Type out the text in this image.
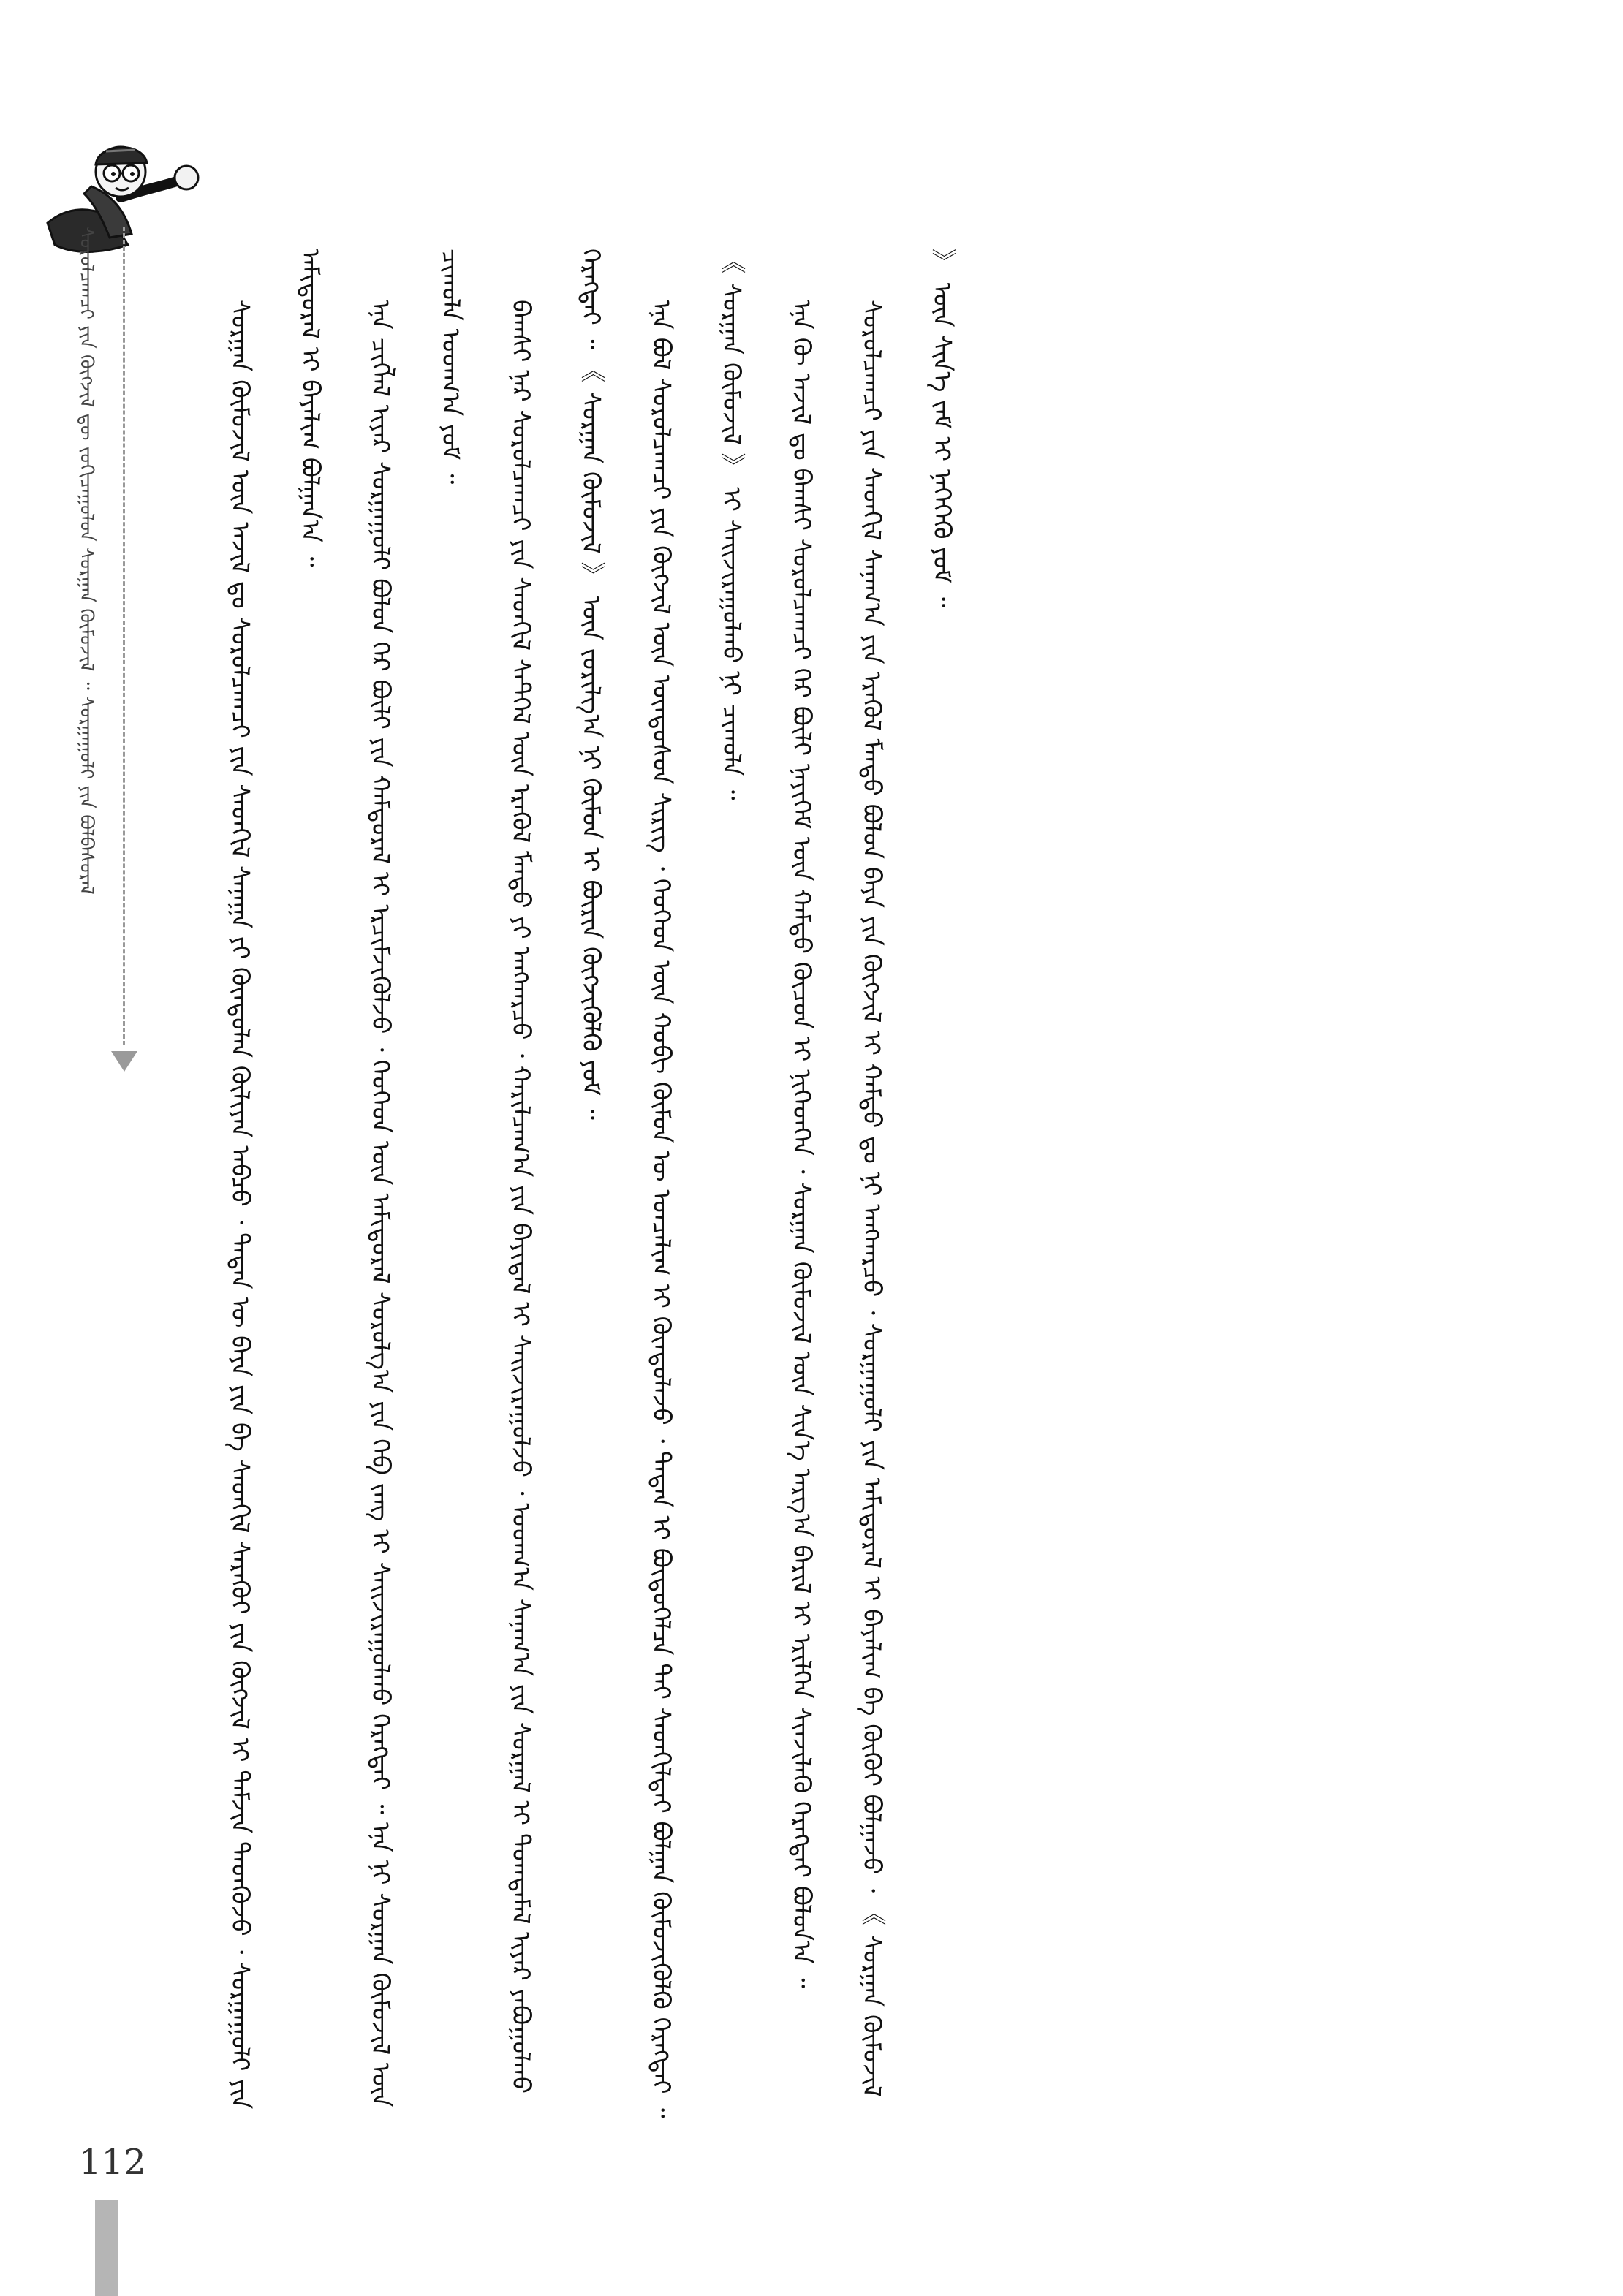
ᠰᠤᠷᠤᠯᠴᠠᠭᠴᠢ ᠶᠢᠨ ᠬᠥᠭᠵᠢᠯ ᠳᠦ ᠵᠣᠬᠢᠴᠠᠭᠤᠯᠤᠨ ᠰᠤᠷᠭᠠᠨ ᠬᠥᠮᠦᠵᠢᠯ ᠃ ᠰᠤᠷᠭᠠᠭᠤᠯᠢ ᠶᠢᠨ ᠪᠣᠯᠪᠠᠰᠤᠷᠠᠯ	ᠰᠤᠷᠭᠠᠨ ᠬᠥᠮᠦᠵᠢᠯ ᠦᠨ ᠠᠵᠢᠯ ᠳᠤ ᠰᠤᠷᠤᠯᠴᠠᠭᠴᠢ ᠶᠢᠨ ᠰᠡᠳᠬᠢᠯ ᠰᠠᠨᠠᠭᠠ ᠶᠢ ᠬᠦᠨᠳᠦᠯᠡᠨ ᠬᠦᠯᠢᠶᠡᠨ ᠠᠪᠴᠤ ᠂ ᠲᠡᠳᠡᠨ ᠦ ᠪᠡᠶᠡ ᠶᠢᠨ ᠪᠠ ᠰᠡᠳᠬᠢᠯ ᠰᠡᠷᠡᠬᠦᠢ ᠶᠢᠨ ᠬᠥᠭᠵᠢᠯ ᠢ ᠳᠡᠮᠵᠢᠨ ᠲᠡᠳᠭᠦᠵᠦ ᠂ ᠰᠤᠷᠭᠠᠭᠤᠯᠢ ᠶᠢᠨ ᠠᠮᠢᠳᠤᠷᠠᠯ ᠢ ᠪᠠᠶᠠᠯᠢᠭ ᠪᠣᠯᠭᠠᠨ᠎ᠠ ᠃	ᠡᠨᠡ ᠴᠢᠭᠯᠡᠯ ᠢᠶᠡᠷ ᠰᠤᠷᠭᠠᠭᠤᠯᠢ ᠪᠣᠯᠤᠨ ᠭᠡᠷ ᠪᠦᠯᠢ ᠶᠢᠨ ᠬᠠᠮᠲᠤᠷᠠᠯ ᠢ ᠡᠷᠴᠢᠮᠵᠢᠭᠦᠯᠵᠦ ᠂ ᠬᠡᠦᠬᠡᠳ ᠦᠨ ᠠᠮᠢᠳᠤᠷᠠᠯ ᠰᠤᠷᠤᠯᠭ᠎ᠠ ᠶᠢᠨ ᠬᠡᠪ ᠵᠠᠩ ᠢ ᠰᠠᠢᠵᠢᠷᠠᠭᠤᠯᠬᠤ ᠬᠡᠷᠡᠭᠲᠡᠢ ᠃ ᠡᠨᠡ ᠨᠢ ᠰᠤᠷᠭᠠᠨ ᠬᠥᠮᠦᠵᠢᠯ ᠦᠨ ᠴᠢᠬᠤᠯᠠ ᠤᠳᠬ᠎ᠠ ᠶᠤᠮ ᠃	ᠪᠠᠭᠰᠢ ᠨᠠᠷ ᠰᠤᠷᠤᠯᠴᠠᠭᠴᠢ ᠶᠢᠨ ᠰᠡᠳᠬᠢᠯ ᠰᠡᠲᠭᠡᠯ ᠦᠨ ᠡᠷᠡᠬᠦᠯ ᠮᠡᠨᠳᠦ ᠶᠢ ᠠᠩᠬᠠᠷᠴᠤ ᠂ ᠬᠠᠷᠢᠯᠴᠠᠭ᠎ᠠ ᠶᠢᠨ ᠪᠠᠶᠢᠳᠠᠯ ᠢ ᠰᠠᠢᠵᠢᠷᠠᠭᠤᠯᠵᠤ ᠂ ᠤᠳᠬ᠎ᠠ ᠰᠠᠨᠠᠭ᠎ᠠ ᠶᠢᠨ ᠰᠤᠷᠭᠠᠯ ᠢ ᠲᠤᠭᠲᠠᠮᠠᠯ ᠢᠶᠡᠷ ᠶᠠᠪᠤᠭᠤᠯᠬᠤ ᠬᠡᠷᠡᠭᠲᠡᠢ ᠃ 《 ᠰᠤᠷᠭᠠᠨ ᠬᠥᠮᠦᠵᠢᠯ 》 ᠦᠨ ᠵᠣᠷᠢᠯᠭ᠎ᠠ ᠨᠢ ᠬᠦᠮᠦᠨ ᠢ ᠪᠦᠷᠢᠨ ᠬᠥᠭᠵᠢᠭᠦᠯᠬᠦ ᠶᠤᠮ ᠃	ᠡᠨᠡ ᠪᠣᠯ ᠰᠤᠷᠤᠯᠴᠠᠭᠴᠢ ᠶᠢᠨ ᠬᠥᠭᠵᠢᠯ ᠦᠨ ᠦᠨᠳᠦᠰᠦᠨ ᠰᠢᠷᠢᠭ ᠂ ᠬᠡᠦᠬᠡᠳ ᠦᠨ ᠬᠤᠪᠢ ᠬᠦᠮᠦᠨ ᠦ ᠣᠨᠴᠠᠯᠢᠭ ᠢ ᠬᠦᠨᠳᠦᠯᠡᠵᠦ ᠂ ᠲᠡᠳᠡᠨ ᠢ ᠪᠦᠲᠦᠭᠡᠯᠴᠡ ᠲᠠᠢ ᠰᠡᠳᠬᠢᠯᠲᠡᠢ ᠪᠣᠯᠭᠠᠨ ᠬᠥᠮᠦᠵᠢᠭᠦᠯᠬᠦ ᠬᠡᠷᠡᠭᠲᠡᠢ ᠃ 《 ᠰᠤᠷᠭᠠᠨ ᠬᠥᠮᠦᠵᠢᠯ 》 ᠢ ᠰᠠᠢᠵᠢᠷᠠᠭᠤᠯᠬᠤ ᠨᠢ ᠴᠢᠬᠤᠯᠠ ᠃	ᠡᠨᠡ ᠬᠦ ᠠᠵᠢᠯ ᠳᠤ ᠪᠠᠭᠰᠢ ᠰᠤᠷᠤᠯᠴᠠᠭᠴᠢ ᠭᠡᠷ ᠪᠦᠯᠢ ᠨᠡᠶᠢᠭᠡᠮ ᠦᠨ ᠬᠠᠮᠲᠤ ᠬᠦᠴᠦᠨ ᠢ ᠨᠢᠭᠡᠳᠬᠡᠨ ᠂ ᠰᠤᠷᠭᠠᠨ ᠬᠥᠮᠦᠵᠢᠯ ᠦᠨ ᠰᠢᠨ᠎ᠡ ᠠᠷᠭ᠎ᠠ ᠪᠠᠷᠢᠯ ᠢ ᠡᠷᠢᠯᠬᠡᠨ ᠰᠢᠨᠵᠢᠯᠡᠬᠦ ᠬᠡᠷᠡᠭᠲᠡᠢ ᠪᠣᠯᠤᠨ᠎ᠠ ᠃	ᠰᠤᠷᠤᠯᠴᠠᠭᠴᠢ ᠶᠢᠨ ᠰᠡᠳᠬᠢᠯ ᠰᠠᠨᠠᠭ᠎ᠠ ᠶᠢᠨ ᠡᠷᠡᠭᠦᠯ ᠮᠡᠨᠳᠦ ᠪᠣᠯᠤᠨ ᠪᠡᠶᠡ ᠶᠢᠨ ᠬᠥᠭᠵᠢᠯ ᠢ ᠬᠠᠮᠲᠤ ᠳᠤ ᠨᠢ ᠠᠩᠬᠠᠷᠴᠤ ᠂ ᠰᠤᠷᠭᠠᠭᠤᠯᠢ ᠶᠢᠨ ᠠᠮᠢᠳᠤᠷᠠᠯ ᠢ ᠪᠠᠶᠠᠯᠢᠭ ᠪᠠ ᠬᠥᠬᠦᠢ ᠪᠣᠯᠭᠠᠵᠤ ᠂ 《 ᠰᠤᠷᠭᠠᠨ ᠬᠥᠮᠦᠵᠢᠯ 》 ᠦᠨ ᠰᠢᠨ᠎ᠡ ᠵᠠᠮ ᠢ ᠨᠡᠭᠡᠭᠡᠬᠦ ᠶᠤᠮ ᠃

112
